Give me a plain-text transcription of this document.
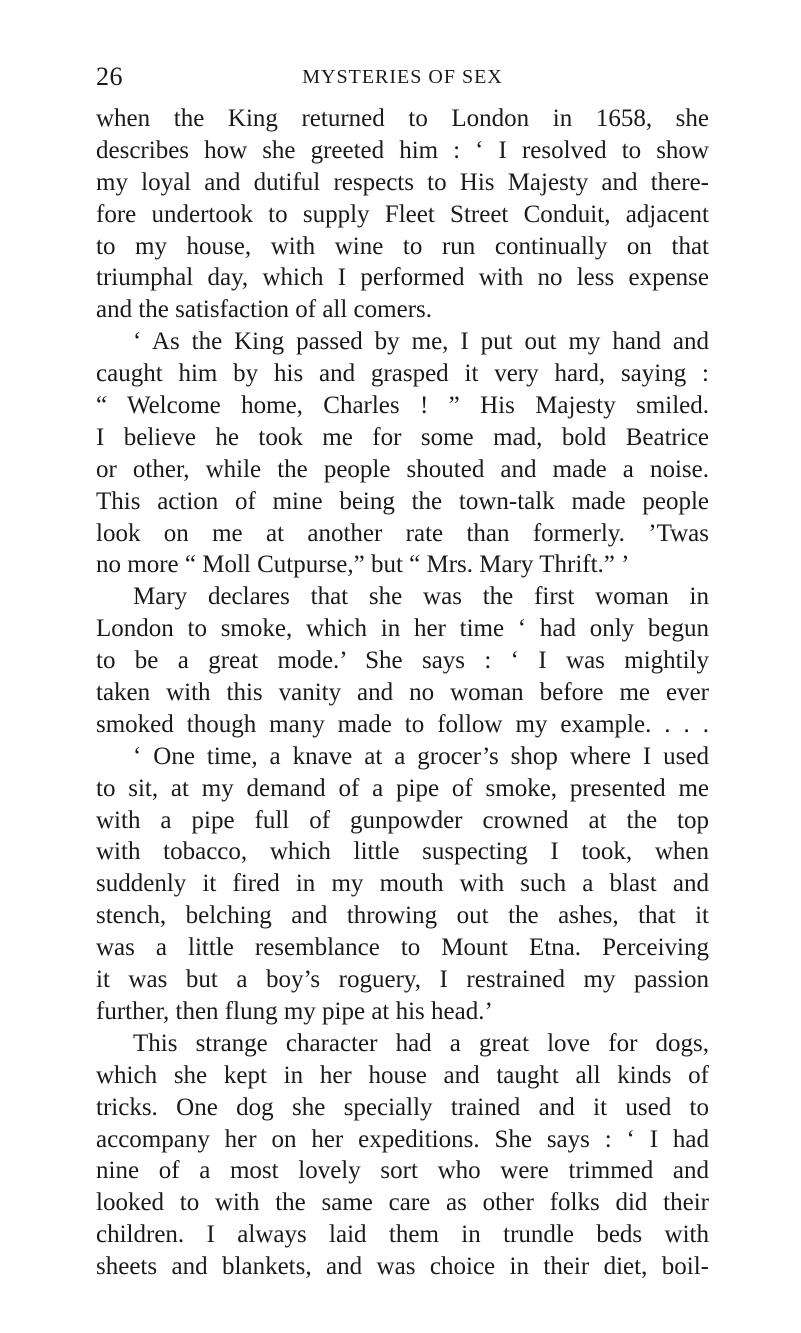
26	MYSTERIES OF SEX
when the King returned to London in 1658, she
describes how she greeted him : ‘ I resolved to show
my loyal and dutiful respects to His Majesty and there-
fore undertook to supply Fleet Street Conduit, adjacent
to my house, with wine to run continually on that
triumphal day, which I performed with no less expense
and the satisfaction of all comers.
‘ As the King passed by me, I put out my hand and
caught him by his and grasped it very hard, saying :
“ Welcome home, Charles ! ” His Majesty smiled.
I believe he took me for some mad, bold Beatrice
or other, while the people shouted and made a noise.
This action of mine being the town-talk made people
look on me at another rate than formerly. ’Twas
no more “ Moll Cutpurse,” but “ Mrs. Mary Thrift.” ’
Mary declares that she was the first woman in
London to smoke, which in her time ‘ had only begun
to be a great mode.’ She says : ‘ I was mightily
taken with this vanity and no woman before me ever
smoked though many made to follow my example. . . .
‘ One time, a knave at a grocer’s shop where I used
to sit, at my demand of a pipe of smoke, presented me
with a pipe full of gunpowder crowned at the top
with tobacco, which little suspecting I took, when
suddenly it fired in my mouth with such a blast and
stench, belching and throwing out the ashes, that it
was a little resemblance to Mount Etna. Perceiving
it was but a boy’s roguery, I restrained my passion
further, then flung my pipe at his head.’
This strange character had a great love for dogs,
which she kept in her house and taught all kinds of
tricks. One dog she specially trained and it used to
accompany her on her expeditions. She says : ‘ I had
nine of a most lovely sort who were trimmed and
looked to with the same care as other folks did their
children. I always laid them in trundle beds with
sheets and blankets, and was choice in their diet, boil-
